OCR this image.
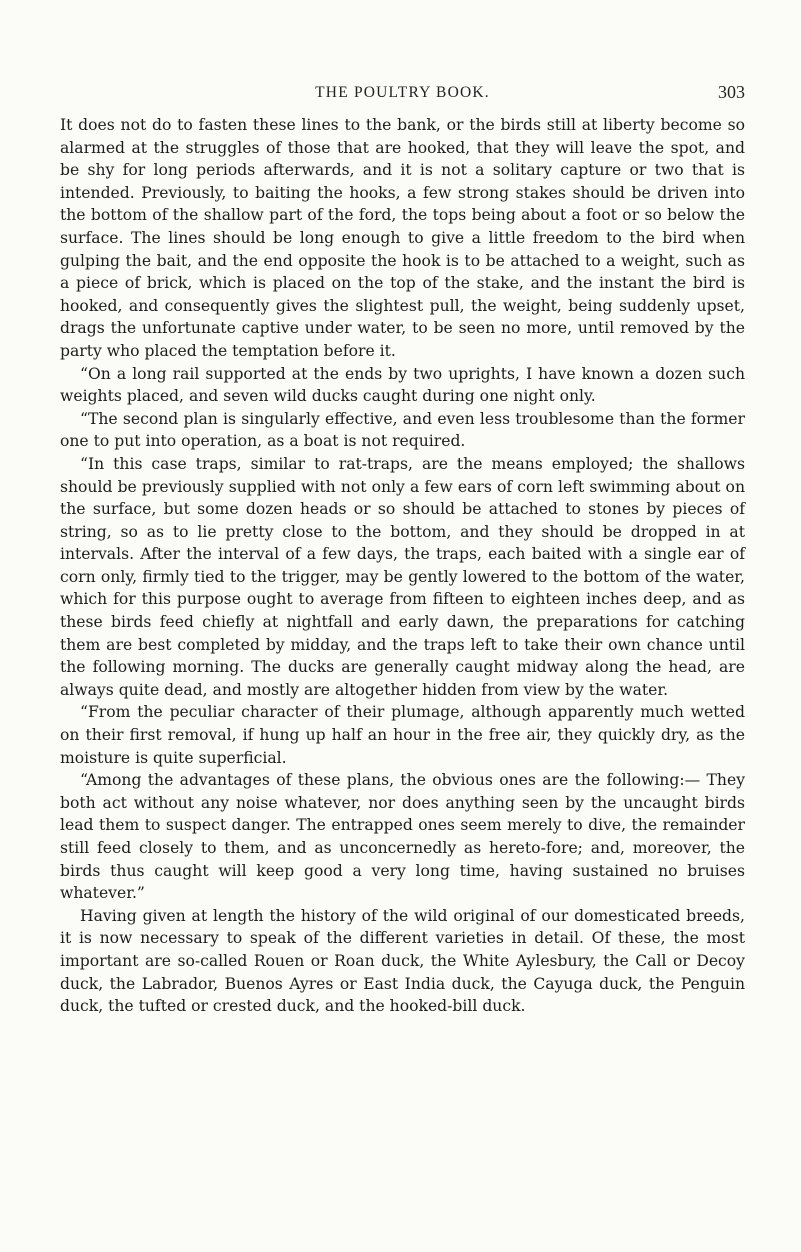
THE POULTRY BOOK.	303

It does not do to fasten these lines to the bank, or the birds still at liberty become so alarmed at the struggles of those that are hooked, that they will leave the spot, and be shy for long periods afterwards, and it is not a solitary capture or two that is intended. Previously, to baiting the hooks, a few strong stakes should be driven into the bottom of the shallow part of the ford, the tops being about a foot or so below the surface. The lines should be long enough to give a little freedom to the bird when gulping the bait, and the end opposite the hook is to be attached to a weight, such as a piece of brick, which is placed on the top of the stake, and the instant the bird is hooked, and consequently gives the slightest pull, the weight, being suddenly upset, drags the unfortunate captive under water, to be seen no more, until removed by the party who placed the temptation before it.

“On a long rail supported at the ends by two uprights, I have known a dozen such weights placed, and seven wild ducks caught during one night only.

“The second plan is singularly effective, and even less troublesome than the former one to put into operation, as a boat is not required.

“In this case traps, similar to rat-traps, are the means employed; the shallows should be previously supplied with not only a few ears of corn left swimming about on the surface, but some dozen heads or so should be attached to stones by pieces of string, so as to lie pretty close to the bottom, and they should be dropped in at intervals. After the interval of a few days, the traps, each baited with a single ear of corn only, firmly tied to the trigger, may be gently lowered to the bottom of the water, which for this purpose ought to average from fifteen to eighteen inches deep, and as these birds feed chiefly at nightfall and early dawn, the preparations for catching them are best completed by midday, and the traps left to take their own chance until the following morning. The ducks are generally caught midway along the head, are always quite dead, and mostly are altogether hidden from view by the water.

“From the peculiar character of their plumage, although apparently much wetted on their first removal, if hung up half an hour in the free air, they quickly dry, as the moisture is quite superficial.

“Among the advantages of these plans, the obvious ones are the following:— They both act without any noise whatever, nor does anything seen by the uncaught birds lead them to suspect danger. The entrapped ones seem merely to dive, the remainder still feed closely to them, and as unconcernedly as hereto-fore; and, moreover, the birds thus caught will keep good a very long time, having sustained no bruises whatever.”

Having given at length the history of the wild original of our domesticated breeds, it is now necessary to speak of the different varieties in detail. Of these, the most important are so-called Rouen or Roan duck, the White Aylesbury, the Call or Decoy duck, the Labrador, Buenos Ayres or East India duck, the Cayuga duck, the Penguin duck, the tufted or crested duck, and the hooked-bill duck.
